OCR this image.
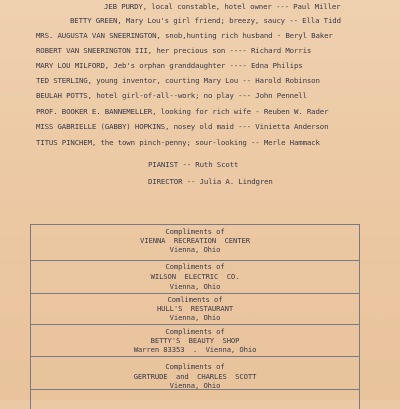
JEB PURDY, local constable, hotel owner --- Paul Miller
BETTY GREEN, Mary Lou's girl friend; breezy, saucy -- Ella Tidd
MRS. AUGUSTA VAN SNEERINGTON, snob,hunting rich husband - Beryl Baker
ROBERT VAN SNEERINGTON III, her precious son ---- Richard Morris
MARY LOU MILFORD, Jeb's orphan granddaughter ---- Edna Philips
TED STERLING, young inventor, courting Mary Lou -- Harold Robinson
BEULAH POTTS, hotel girl-of-all--work; no play --- John Pennell
PROF. BOOKER E. BANNEMELLER, looking for rich wife - Reuben W. Rader
MISS GABRIELLE (GABBY) HOPKINS, nosey old maid --- Vinietta Anderson
TITUS PINCHEM, the town pinch-penny; sour-looking -- Merle Hammack
PIANIST -- Ruth Scott
DIRECTOR -- Julia A. Lindgren
Compliments of
VIENNA  RECREATION  CENTER
Vienna, Ohio
Compliments of
WILSON  ELECTRIC  CO.
Vienna, Ohio
Comliments of
HULL'S  RESTAURANT
Vienna, Ohio
Compliments of
BETTY'S  BEAUTY  SHOP
Warren 83353  .  Vienna, Ohio
Compliments of
GERTRUDE  and  CHARLES  SCOTT
Vienna, Ohio
